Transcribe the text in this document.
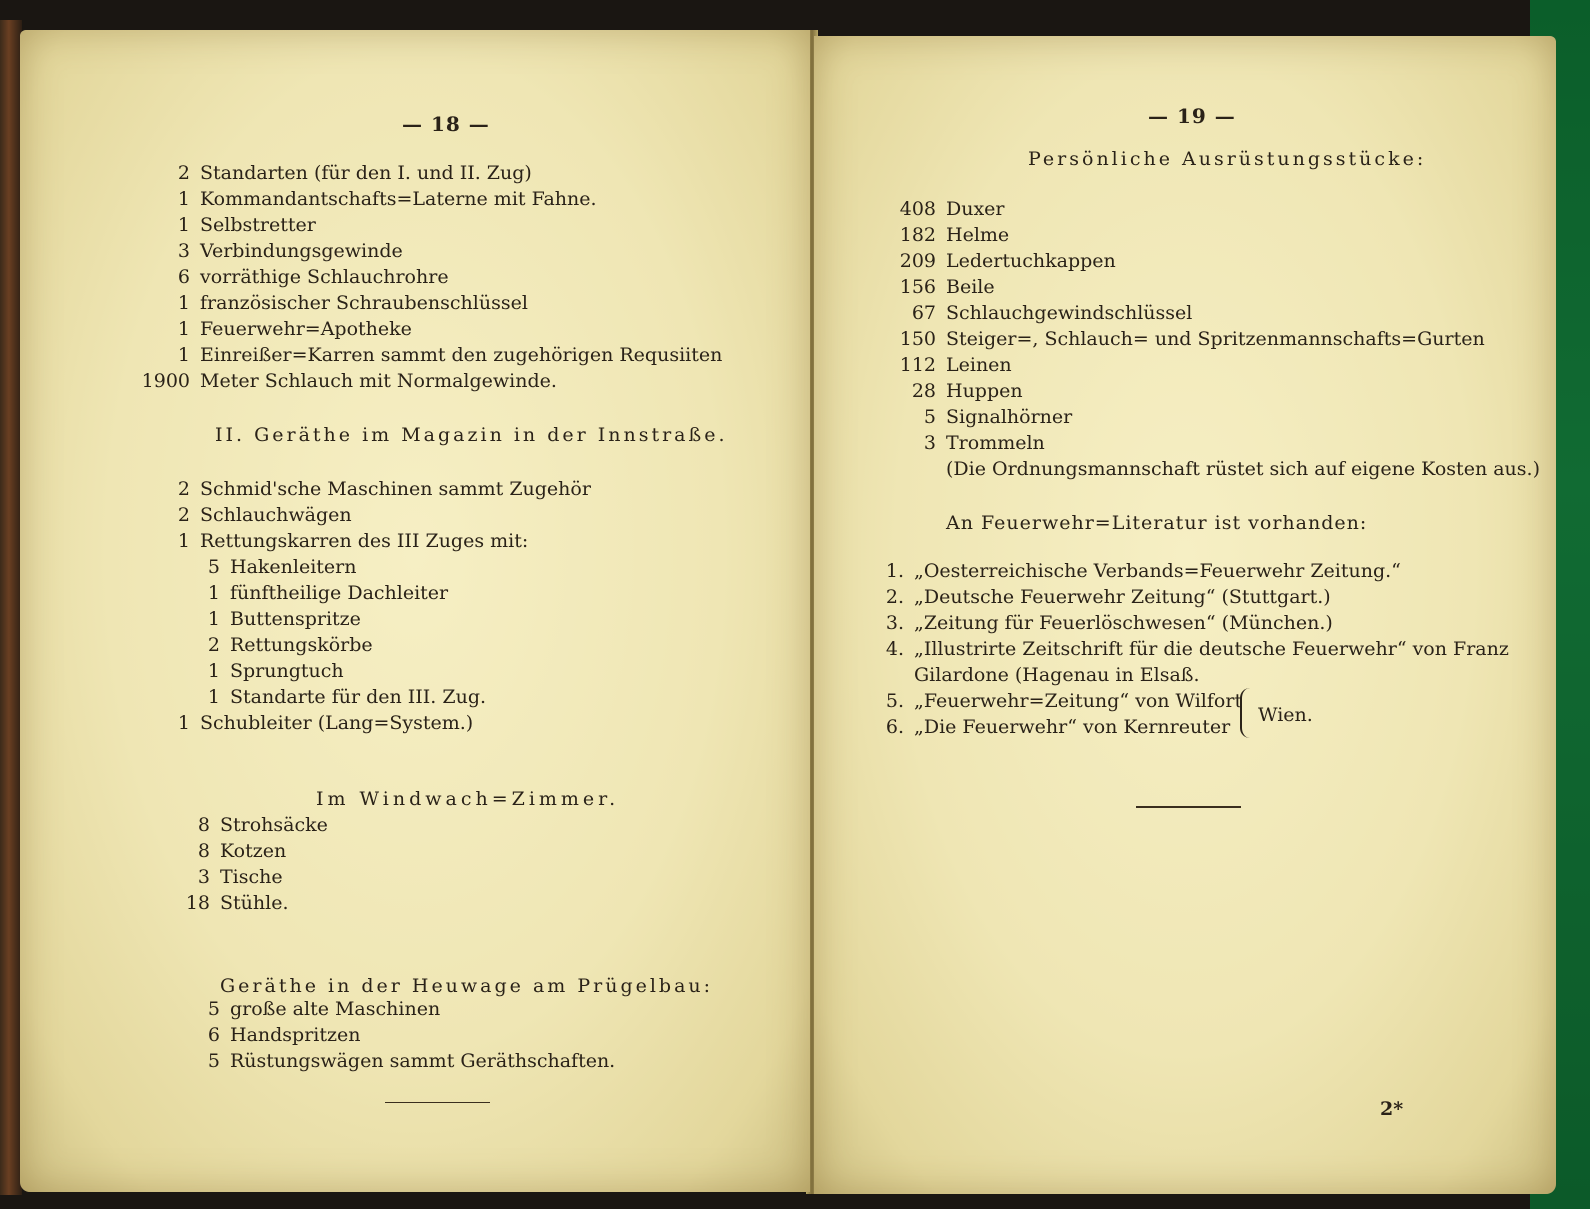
— 18 —
2 Standarten (für den I. und II. Zug)
1 Kommandantschafts=Laterne mit Fahne.
1 Selbstretter
3 Verbindungsgewinde
6 vorräthige Schlauchrohre
1 französischer Schraubenschlüssel
1 Feuerwehr=Apotheke
1 Einreißer=Karren sammt den zugehörigen Requsiiten
1900 Meter Schlauch mit Normalgewinde.
II. Geräthe im Magazin in der Innstraße.
2 Schmid'sche Maschinen sammt Zugehör
2 Schlauchwägen
1 Rettungskarren des III Zuges mit:
5 Hakenleitern
1 fünftheilige Dachleiter
1 Buttenspritze
2 Rettungskörbe
1 Sprungtuch
1 Standarte für den III. Zug.
1 Schubleiter (Lang=System.)
Im Windwach=Zimmer.
8 Strohsäcke
8 Kotzen
3 Tische
18 Stühle.
Geräthe in der Heuwage am Prügelbau:
5 große alte Maschinen
6 Handspritzen
5 Rüstungswägen sammt Geräthschaften.
— 19 —
Persönliche Ausrüstungsstücke:
408 Duxer
182 Helme
209 Ledertuchkappen
156 Beile
67 Schlauchgewindschlüssel
150 Steiger=, Schlauch= und Spritzenmannschafts=Gurten
112 Leinen
28 Huppen
5 Signalhörner
3 Trommeln
(Die Ordnungsmannschaft rüstet sich auf eigene Kosten aus.)
An Feuerwehr=Literatur ist vorhanden:
1. „Oesterreichische Verbands=Feuerwehr Zeitung.“
2. „Deutsche Feuerwehr Zeitung“ (Stuttgart.)
3. „Zeitung für Feuerlöschwesen“ (München.)
4. „Illustrirte Zeitschrift für die deutsche Feuerwehr“ von Franz
Gilardone (Hagenau in Elsaß.
5. „Feuerwehr=Zeitung“ von Wilfort
6. „Die Feuerwehr“ von Kernreuter
Wien.
2*
